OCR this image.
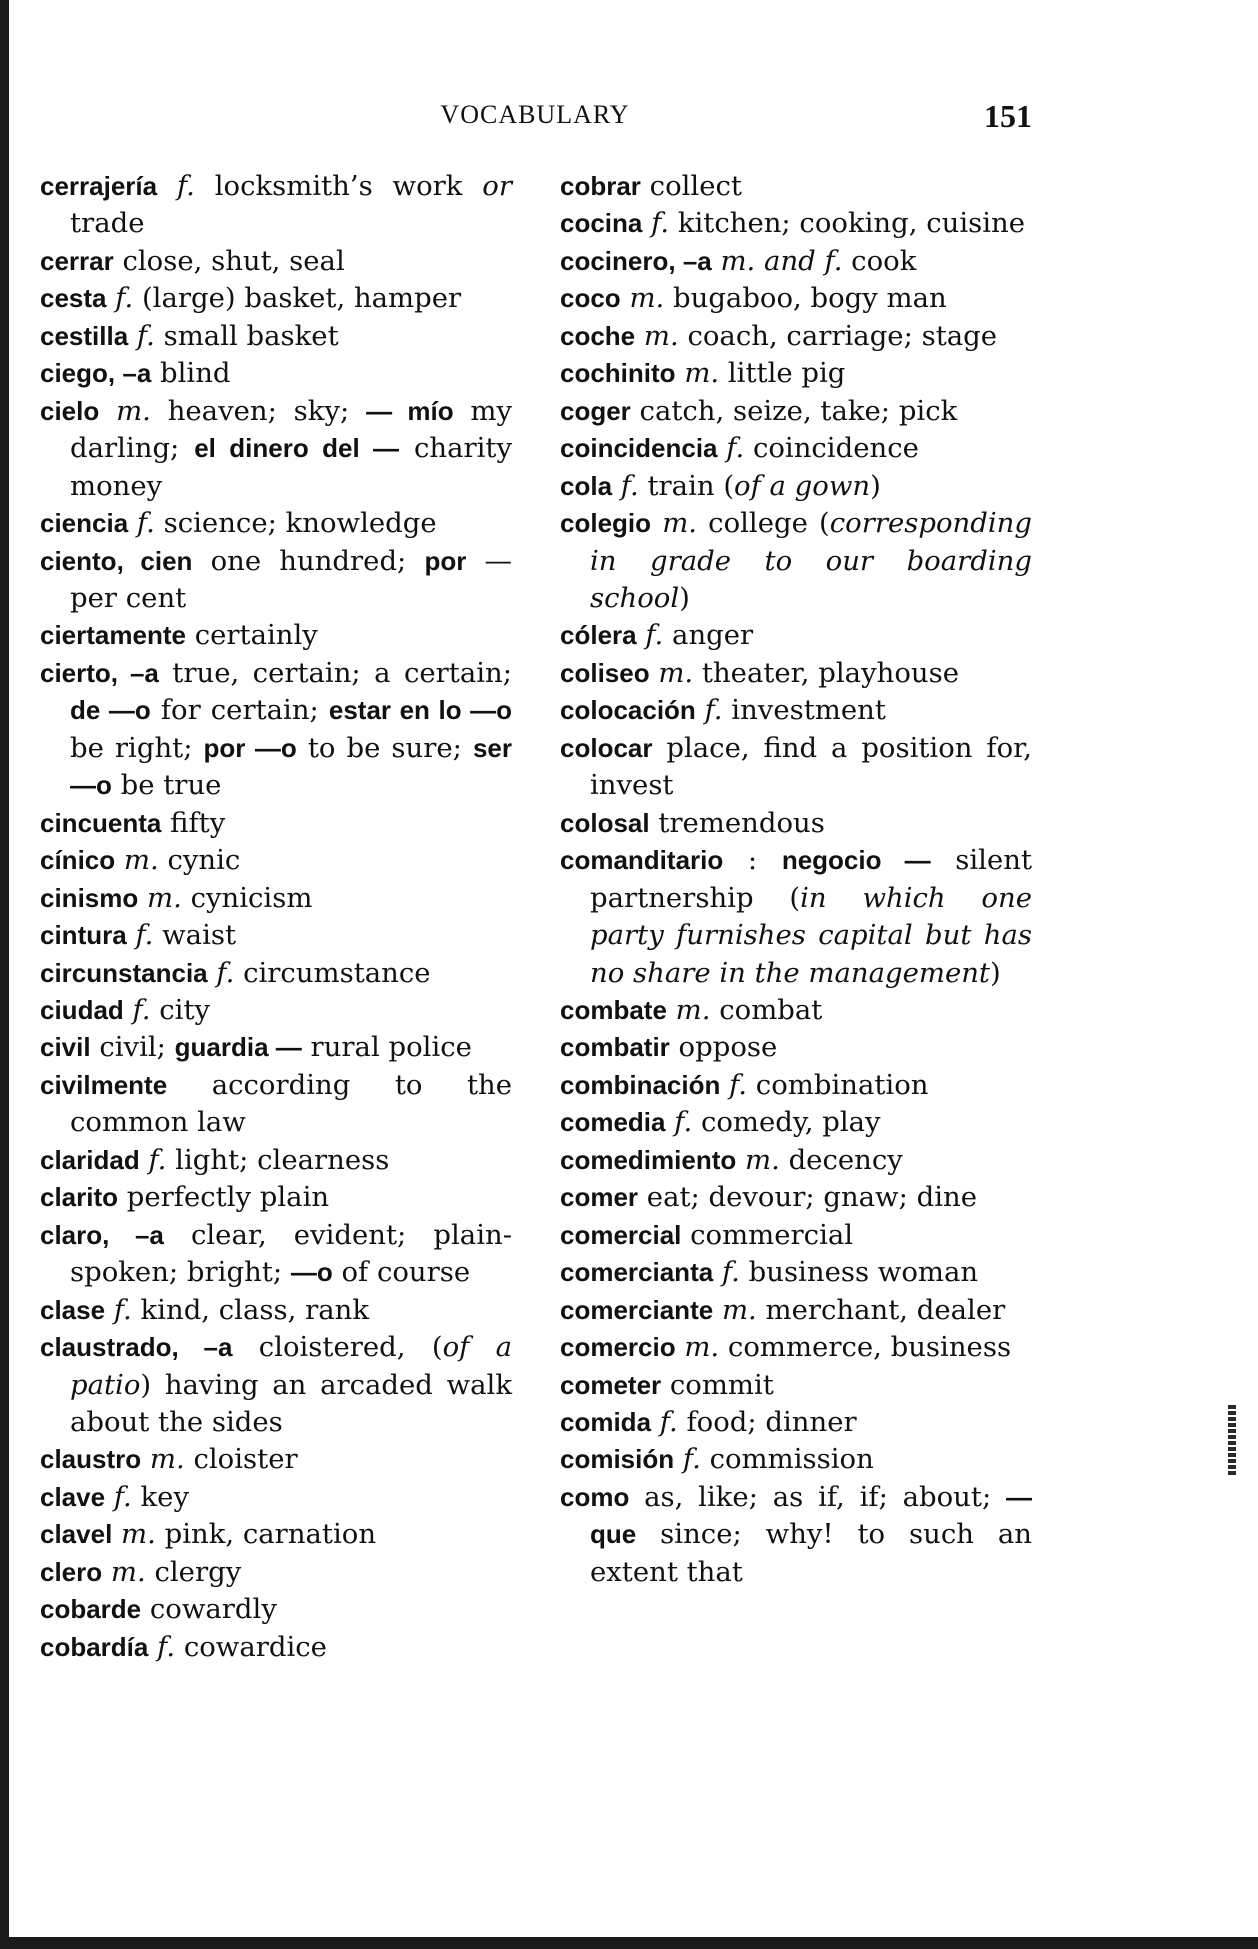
VOCABULARY	151

cerrajería f. locksmith’s work or trade

cerrar close, shut, seal

cesta f. (large) basket, hamper

cestilla f. small basket

ciego, –a blind

cielo m. heaven; sky; — mío my darling; el dinero del — charity money

ciencia f. science; knowledge

ciento, cien one hundred; por — per cent

ciertamente certainly

cierto, –a true, certain; a certain; de —o for certain; estar en lo —o be right; por —o to be sure; ser —o be true

cincuenta fifty

cínico m. cynic

cinismo m. cynicism

cintura f. waist

circunstancia f. circumstance

ciudad f. city

civil civil; guardia — rural police

civilmente according to the common law

claridad f. light; clearness

clarito perfectly plain

claro, –a clear, evident; plain-spoken; bright; —o of course

clase f. kind, class, rank

claustrado, –a cloistered, (of a patio) having an arcaded walk about the sides

claustro m. cloister

clave f. key

clavel m. pink, carnation

clero m. clergy

cobarde cowardly

cobardía f. cowardice

cobrar collect

cocina f. kitchen; cooking, cuisine

cocinero, –a m. and f. cook

coco m. bugaboo, bogy man

coche m. coach, carriage; stage

cochinito m. little pig

coger catch, seize, take; pick

coincidencia f. coincidence

cola f. train (of a gown)

colegio m. college (corresponding in grade to our boarding school)

cólera f. anger

coliseo m. theater, playhouse

colocación f. investment

colocar place, find a position for, invest

colosal tremendous

comanditario : negocio — silent partnership (in which one party furnishes capital but has no share in the management)

combate m. combat

combatir oppose

combinación f. combination

comedia f. comedy, play

comedimiento m. decency

comer eat; devour; gnaw; dine

comercial commercial

comercianta f. business woman

comerciante m. merchant, dealer

comercio m. commerce, business

cometer commit

comida f. food; dinner

comisión f. commission

como as, like; as if, if; about; — que since; why! to such an extent that
